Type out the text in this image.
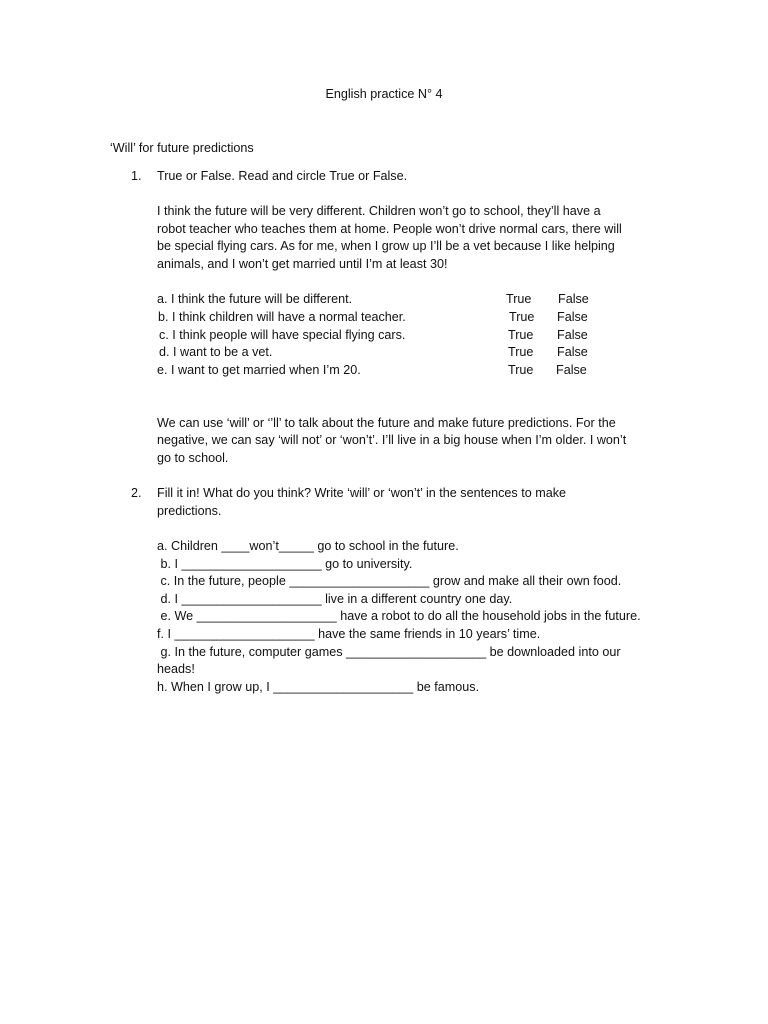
English practice N° 4
‘Will’ for future predictions
1. True or False. Read and circle True or False.
I think the future will be very different. Children won’t go to school, they’ll have a
robot teacher who teaches them at home. People won’t drive normal cars, there will
be special flying cars. As for me, when I grow up I’ll be a vet because I like helping
animals, and I won’t get married until I’m at least 30!
a. I think the future will be different.	True False
b. I think children will have a normal teacher.	True False
c. I think people will have special flying cars.	True False
d. I want to be a vet.	True False
e. I want to get married when I’m 20.	True False
We can use ‘will’ or ‘’ll’ to talk about the future and make future predictions. For the
negative, we can say ‘will not’ or ‘won’t’. I’ll live in a big house when I’m older. I won’t
go to school.
2. Fill it in! What do you think? Write ‘will’ or ‘won’t’ in the sentences to make
predictions.
a. Children ____won’t_____ go to school in the future.
b. I ____________________ go to university.
c. In the future, people ____________________ grow and make all their own food.
d. I ____________________ live in a different country one day.
e. We ____________________ have a robot to do all the household jobs in the future.
f. I ____________________ have the same friends in 10 years’ time.
g. In the future, computer games ____________________ be downloaded into our
heads!
h. When I grow up, I ____________________ be famous.
